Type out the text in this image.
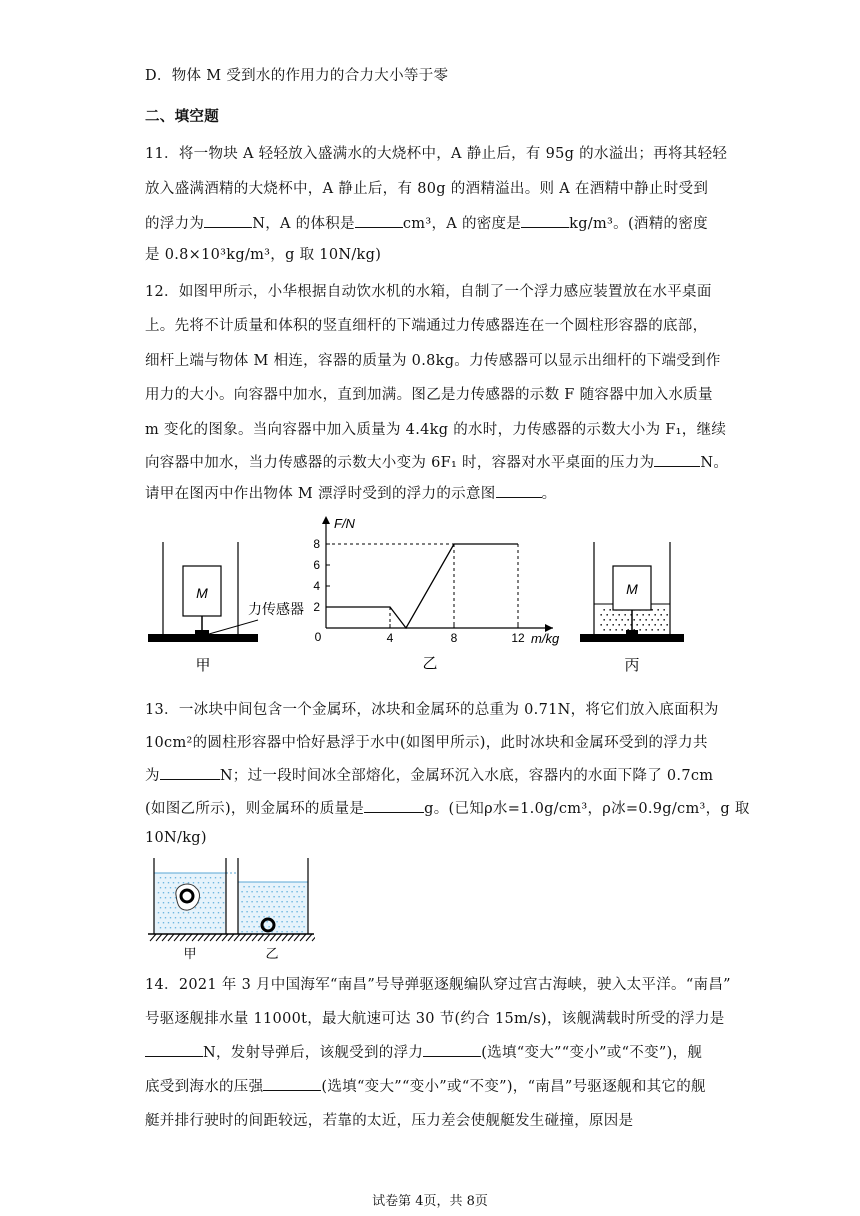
D．物体 M 受到水的作用力的合力大小等于零
二、填空题
11．将一物块 A 轻轻放入盛满水的大烧杯中，A 静止后，有 95g 的水溢出；再将其轻轻
放入盛满酒精的大烧杯中，A 静止后，有 80g 的酒精溢出。则 A 在酒精中静止时受到
的浮力为	N，A 的体积是	cm³，A 的密度是	kg/m³。(酒精的密度
是 0.8×10³kg/m³，g 取 10N/kg)
12．如图甲所示，小华根据自动饮水机的水箱，自制了一个浮力感应装置放在水平桌面
上。先将不计质量和体积的竖直细杆的下端通过力传感器连在一个圆柱形容器的底部，
细杆上端与物体 M 相连，容器的质量为 0.8kg。力传感器可以显示出细杆的下端受到作
用力的大小。向容器中加水，直到加满。图乙是力传感器的示数 F 随容器中加入水质量
m 变化的图象。当向容器中加入质量为 4.4kg 的水时，力传感器的示数大小为 F₁，继续
向容器中加水，当力传感器的示数大小变为 6F₁ 时，容器对水平桌面的压力为	N。
请甲在图丙中作出物体 M 漂浮时受到的浮力的示意图	。
M
力传感器
甲
F/N
m/kg
0
2
4
6
8
4	8	12
乙
M
丙
13．一冰块中间包含一个金属环，冰块和金属环的总重为 0.71N，将它们放入底面积为
10cm²的圆柱形容器中恰好悬浮于水中(如图甲所示)，此时冰块和金属环受到的浮力共
为	N；过一段时间冰全部熔化，金属环沉入水底，容器内的水面下降了 0.7cm
(如图乙所示)，则金属环的质量是	g。(已知ρ水=1.0g/cm³，ρ冰=0.9g/cm³，g 取
10N/kg)
甲	乙
14．2021 年 3 月中国海军“南昌”号导弹驱逐舰编队穿过宫古海峡，驶入太平洋。“南昌”
号驱逐舰排水量 11000t，最大航速可达 30 节(约合 15m/s)，该舰满载时所受的浮力是
N，发射导弹后，该舰受到的浮力	(选填“变大”“变小”或“不变”)，舰
底受到海水的压强	(选填“变大”“变小”或“不变”)，“南昌”号驱逐舰和其它的舰
艇并排行驶时的间距较远，若靠的太近，压力差会使舰艇发生碰撞，原因是
试卷第 4页，共 8页
